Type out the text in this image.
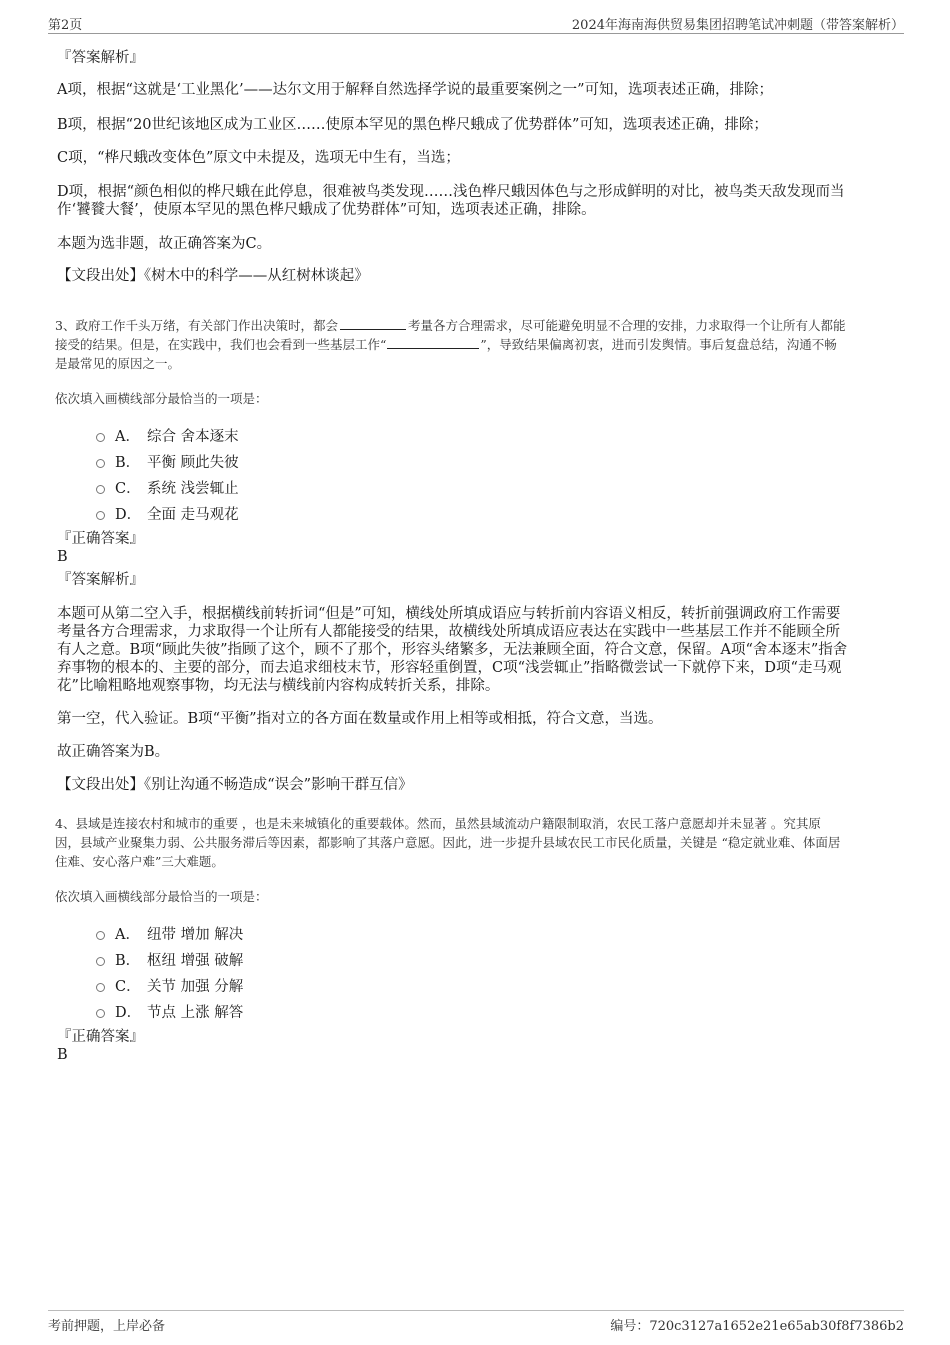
第2页	2024年海南海供贸易集团招聘笔试冲刺题（带答案解析）
『答案解析』
A项，根据“这就是‘工业黑化’——达尔文用于解释自然选择学说的最重要案例之一”可知，选项表述正确，排除；
B项，根据“20世纪该地区成为工业区……使原本罕见的黑色桦尺蛾成了优势群体”可知，选项表述正确，排除；
C项，“桦尺蛾改变体色”原文中未提及，选项无中生有，当选；
D项，根据“颜色相似的桦尺蛾在此停息，很难被鸟类发现……浅色桦尺蛾因体色与之形成鲜明的对比，被鸟类天敌发现而当
作‘饕餮大餐’，使原本罕见的黑色桦尺蛾成了优势群体”可知，选项表述正确，排除。
本题为选非题，故正确答案为C。
【文段出处】《树木中的科学——从红树林谈起》
3、政府工作千头万绪，有关部门作出决策时，都会	考量各方合理需求，尽可能避免明显不合理的安排，力求取得一个让所有人都能
接受的结果。但是，在实践中，我们也会看到一些基层工作“	”，导致结果偏离初衷，进而引发舆情。事后复盘总结，沟通不畅
是最常见的原因之一。
依次填入画横线部分最恰当的一项是：
A． 综合 舍本逐末
B． 平衡 顾此失彼
C． 系统 浅尝辄止
D． 全面 走马观花
『正确答案』
B
『答案解析』
本题可从第二空入手，根据横线前转折词“但是”可知，横线处所填成语应与转折前内容语义相反，转折前强调政府工作需要
考量各方合理需求，力求取得一个让所有人都能接受的结果，故横线处所填成语应表达在实践中一些基层工作并不能顾全所
有人之意。B项“顾此失彼”指顾了这个，顾不了那个，形容头绪繁多，无法兼顾全面，符合文意，保留。A项“舍本逐末”指舍
弃事物的根本的、主要的部分，而去追求细枝末节，形容轻重倒置，C项“浅尝辄止”指略微尝试一下就停下来，D项“走马观
花”比喻粗略地观察事物，均无法与横线前内容构成转折关系，排除。
第一空，代入验证。B项“平衡”指对立的各方面在数量或作用上相等或相抵，符合文意，当选。
故正确答案为B。
【文段出处】《别让沟通不畅造成“误会”影响干群互信》
4、县域是连接农村和城市的重要 ，也是未来城镇化的重要载体。然而，虽然县域流动户籍限制取消，农民工落户意愿却并未显著 。究其原
因，县域产业聚集力弱、公共服务滞后等因素，都影响了其落户意愿。因此，进一步提升县域农民工市民化质量，关键是 “稳定就业难、体面居
住难、安心落户难”三大难题。
依次填入画横线部分最恰当的一项是：
A． 纽带 增加 解决
B． 枢纽 增强 破解
C． 关节 加强 分解
D． 节点 上涨 解答
『正确答案』
B
考前押题，上岸必备	编号：720c3127a1652e21e65ab30f8f7386b2
